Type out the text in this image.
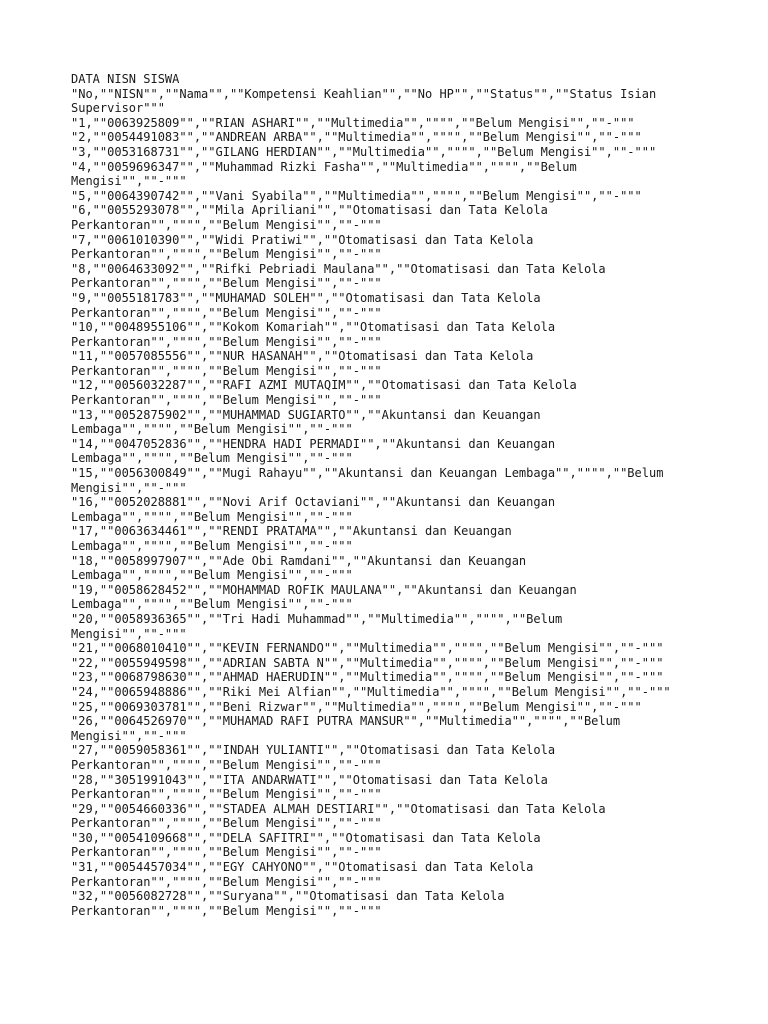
DATA NISN SISWA
"No,""NISN"",""Nama"",""Kompetensi Keahlian"",""No HP"",""Status"",""Status Isian
Supervisor"""
"1,""0063925809"",""RIAN ASHARI"",""Multimedia"","""",""Belum Mengisi"",""-"""
"2,""0054491083"",""ANDREAN ARBA"",""Multimedia"","""",""Belum Mengisi"",""-"""
"3,""0053168731"",""GILANG HERDIAN"",""Multimedia"","""",""Belum Mengisi"",""-"""
"4,""0059696347"",""Muhammad Rizki Fasha"",""Multimedia"","""",""Belum
Mengisi"",""-"""
"5,""0064390742"",""Vani Syabila"",""Multimedia"","""",""Belum Mengisi"",""-"""
"6,""0055293078"",""Mila Apriliani"",""Otomatisasi dan Tata Kelola
Perkantoran"","""",""Belum Mengisi"",""-"""
"7,""0061010390"",""Widi Pratiwi"",""Otomatisasi dan Tata Kelola
Perkantoran"","""",""Belum Mengisi"",""-"""
"8,""0064633092"",""Rifki Pebriadi Maulana"",""Otomatisasi dan Tata Kelola
Perkantoran"","""",""Belum Mengisi"",""-"""
"9,""0055181783"",""MUHAMAD SOLEH"",""Otomatisasi dan Tata Kelola
Perkantoran"","""",""Belum Mengisi"",""-"""
"10,""0048955106"",""Kokom Komariah"",""Otomatisasi dan Tata Kelola
Perkantoran"","""",""Belum Mengisi"",""-"""
"11,""0057085556"",""NUR HASANAH"",""Otomatisasi dan Tata Kelola
Perkantoran"","""",""Belum Mengisi"",""-"""
"12,""0056032287"",""RAFI AZMI MUTAQIM"",""Otomatisasi dan Tata Kelola
Perkantoran"","""",""Belum Mengisi"",""-"""
"13,""0052875902"",""MUHAMMAD SUGIARTO"",""Akuntansi dan Keuangan
Lembaga"","""",""Belum Mengisi"",""-"""
"14,""0047052836"",""HENDRA HADI PERMADI"",""Akuntansi dan Keuangan
Lembaga"","""",""Belum Mengisi"",""-"""
"15,""0056300849"",""Mugi Rahayu"",""Akuntansi dan Keuangan Lembaga"","""",""Belum
Mengisi"",""-"""
"16,""0052028881"",""Novi Arif Octaviani"",""Akuntansi dan Keuangan
Lembaga"","""",""Belum Mengisi"",""-"""
"17,""0063634461"",""RENDI PRATAMA"",""Akuntansi dan Keuangan
Lembaga"","""",""Belum Mengisi"",""-"""
"18,""0058997907"",""Ade Obi Ramdani"",""Akuntansi dan Keuangan
Lembaga"","""",""Belum Mengisi"",""-"""
"19,""0058628452"",""MOHAMMAD ROFIK MAULANA"",""Akuntansi dan Keuangan
Lembaga"","""",""Belum Mengisi"",""-"""
"20,""0058936365"",""Tri Hadi Muhammad"",""Multimedia"","""",""Belum
Mengisi"",""-"""
"21,""0068010410"",""KEVIN FERNANDO"",""Multimedia"","""",""Belum Mengisi"",""-"""
"22,""0055949598"",""ADRIAN SABTA N"",""Multimedia"","""",""Belum Mengisi"",""-"""
"23,""0068798630"",""AHMAD HAERUDIN"",""Multimedia"","""",""Belum Mengisi"",""-"""
"24,""0065948886"",""Riki Mei Alfian"",""Multimedia"","""",""Belum Mengisi"",""-"""
"25,""0069303781"",""Beni Rizwar"",""Multimedia"","""",""Belum Mengisi"",""-"""
"26,""0064526970"",""MUHAMAD RAFI PUTRA MANSUR"",""Multimedia"","""",""Belum
Mengisi"",""-"""
"27,""0059058361"",""INDAH YULIANTI"",""Otomatisasi dan Tata Kelola
Perkantoran"","""",""Belum Mengisi"",""-"""
"28,""3051991043"",""ITA ANDARWATI"",""Otomatisasi dan Tata Kelola
Perkantoran"","""",""Belum Mengisi"",""-"""
"29,""0054660336"",""STADEA ALMAH DESTIARI"",""Otomatisasi dan Tata Kelola
Perkantoran"","""",""Belum Mengisi"",""-"""
"30,""0054109668"",""DELA SAFITRI"",""Otomatisasi dan Tata Kelola
Perkantoran"","""",""Belum Mengisi"",""-"""
"31,""0054457034"",""EGY CAHYONO"",""Otomatisasi dan Tata Kelola
Perkantoran"","""",""Belum Mengisi"",""-"""
"32,""0056082728"",""Suryana"",""Otomatisasi dan Tata Kelola
Perkantoran"","""",""Belum Mengisi"",""-"""
